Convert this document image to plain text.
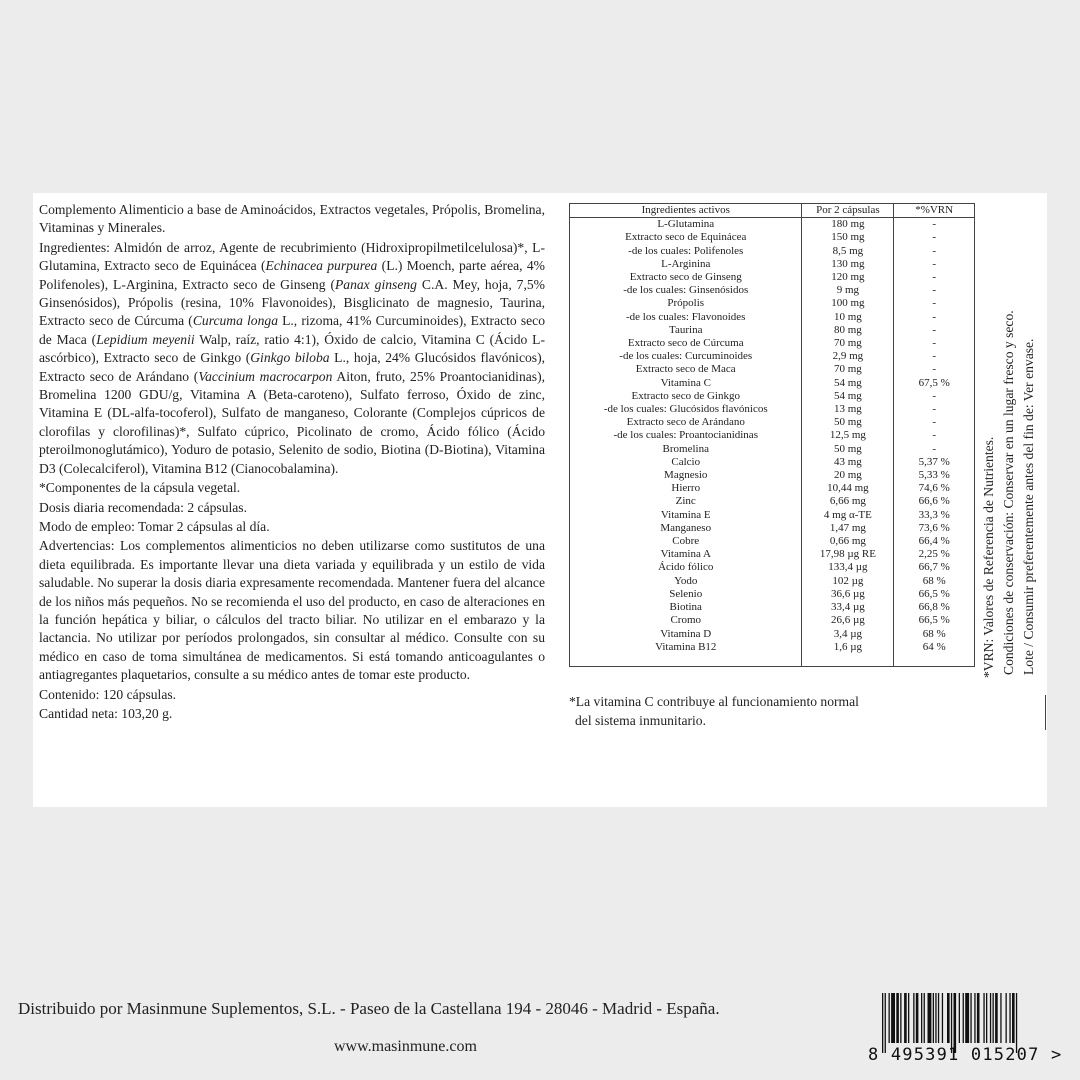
Complemento Alimenticio a base de Aminoácidos, Extractos vegetales, Própolis, Bromelina, Vitaminas y Minerales.

Ingredientes: Almidón de arroz, Agente de recubrimiento (Hidroxipropilmetilcelulosa)*, L-Glutamina, Extracto seco de Equinácea (Echinacea purpurea (L.) Moench, parte aérea, 4% Polifenoles), L-Arginina, Extracto seco de Ginseng (Panax ginseng C.A. Mey, hoja, 7,5% Ginsenósidos), Própolis (resina, 10% Flavonoides), Bisglicinato de magnesio, Taurina, Extracto seco de Cúrcuma (Curcuma longa L., rizoma, 41% Curcuminoides), Extracto seco de Maca (Lepidium meyenii Walp, raíz, ratio 4:1), Óxido de calcio, Vitamina C (Ácido L-ascórbico), Extracto seco de Ginkgo (Ginkgo biloba L., hoja, 24% Glucósidos flavónicos), Extracto seco de Arándano (Vaccinium macrocarpon Aiton, fruto, 25% Proantocianidinas), Bromelina 1200 GDU/g, Vitamina A (Beta-caroteno), Sulfato ferroso, Óxido de zinc, Vitamina E (DL-alfa-tocoferol), Sulfato de manganeso, Colorante (Complejos cúpricos de clorofilas y clorofilinas)*, Sulfato cúprico, Picolinato de cromo, Ácido fólico (Ácido pteroilmonoglutámico), Yoduro de potasio, Selenito de sodio, Biotina (D-Biotina), Vitamina D3 (Colecalciferol), Vitamina B12 (Cianocobalamina).

*Componentes de la cápsula vegetal.

Dosis diaria recomendada: 2 cápsulas.

Modo de empleo: Tomar 2 cápsulas al día.

Advertencias: Los complementos alimenticios no deben utilizarse como sustitutos de una dieta equilibrada. Es importante llevar una dieta variada y equilibrada y un estilo de vida saludable. No superar la dosis diaria expresamente recomendada. Mantener fuera del alcance de los niños más pequeños. No se recomienda el uso del producto, en caso de alteraciones en la función hepática y biliar, o cálculos del tracto biliar. No utilizar en el embarazo y la lactancia. No utilizar por períodos prolongados, sin consultar al médico. Consulte con su médico en caso de toma simultánea de medicamentos. Si está tomando anticoagulantes o antiagregantes plaquetarios, consulte a su médico antes de tomar este producto.

Contenido: 120 cápsulas.

Cantidad neta: 103,20 g.

Ingredientes activos	Por 2 cápsulas	*%VRN
L-Glutamina	180 mg	-
Extracto seco de Equinácea	150 mg	-
-de los cuales: Polifenoles	8,5 mg	-
L-Arginina	130 mg	-
Extracto seco de Ginseng	120 mg	-
-de los cuales: Ginsenósidos	9 mg	-
Própolis	100 mg	-
-de los cuales: Flavonoides	10 mg	-
Taurina	80 mg	-
Extracto seco de Cúrcuma	70 mg	-
-de los cuales: Curcuminoides	2,9 mg	-
Extracto seco de Maca	70 mg	-
Vitamina C	54 mg	67,5 %
Extracto seco de Ginkgo	54 mg	-
-de los cuales: Glucósidos flavónicos	13 mg	-
Extracto seco de Arándano	50 mg	-
-de los cuales: Proantocianidinas	12,5 mg	-
Bromelina	50 mg	-
Calcio	43 mg	5,37 %
Magnesio	20 mg	5,33 %
Hierro	10,44 mg	74,6 %
Zinc	6,66 mg	66,6 %
Vitamina E	4 mg α-TE	33,3 %
Manganeso	1,47 mg	73,6 %
Cobre	0,66 mg	66,4 %
Vitamina A	17,98 µg RE	2,25 %
Ácido fólico	133,4 µg	66,7 %
Yodo	102 µg	68 %
Selenio	36,6 µg	66,5 %
Biotina	33,4 µg	66,8 %
Cromo	26,6 µg	66,5 %
Vitamina D	3,4 µg	68 %
Vitamina B12	1,6 µg	64 %
*La vitamina C contribuye al funcionamiento normal
del sistema inmunitario.
*VRN: Valores de Referencia de Nutrientes. Condiciones de conservación: Conservar en un lugar fresco y seco. Lote / Consumir preferentemente antes del fin de: Ver envase.
Distribuido por Masinmune Suplementos, S.L. - Paseo de la Castellana 194 - 28046 - Madrid - España.
www.masinmune.com	8 495391 015207 >
